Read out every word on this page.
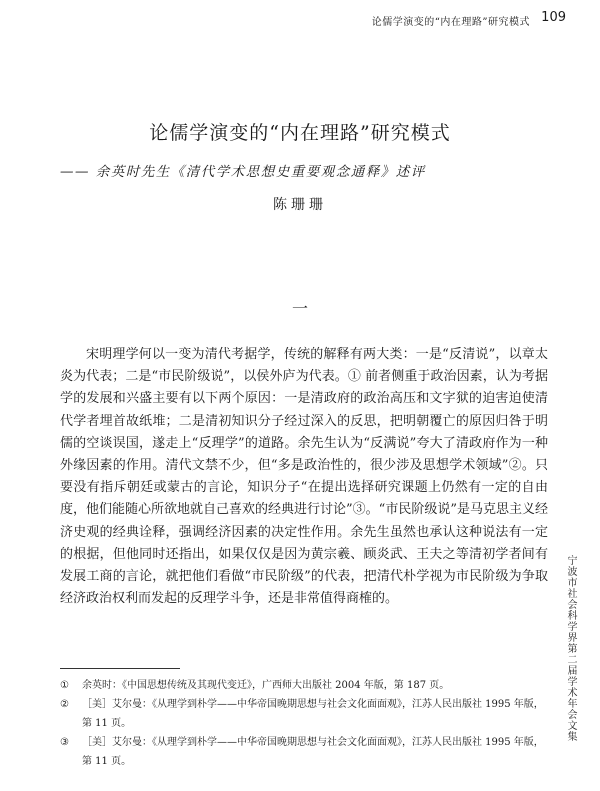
论儒学演变的“内在理路”研究模式 109
论儒学演变的“内在理路”研究模式
—— 余英时先生《清代学术思想史重要观念通释》述评
陈珊珊
一

宋明理学何以一变为清代考据学，传统的解释有两大类：一是“反清说”，以章太炎为代表；二是“市民阶级说”，以侯外庐为代表。① 前者侧重于政治因素，认为考据学的发展和兴盛主要有以下两个原因：一是清政府的政治高压和文字狱的迫害迫使清代学者埋首故纸堆；二是清初知识分子经过深入的反思，把明朝覆亡的原因归咎于明儒的空谈误国，遂走上“反理学”的道路。余先生认为“反满说”夸大了清政府作为一种外缘因素的作用。清代文禁不少，但“多是政治性的，很少涉及思想学术领域”②。只要没有指斥朝廷或蒙古的言论，知识分子“在提出选择研究课题上仍然有一定的自由度，他们能随心所欲地就自己喜欢的经典进行讨论”③。“市民阶级说”是马克思主义经济史观的经典诠释，强调经济因素的决定性作用。余先生虽然也承认这种说法有一定的根据，但他同时还指出，如果仅仅是因为黄宗羲、顾炎武、王夫之等清初学者间有发展工商的言论，就把他们看做“市民阶级”的代表，把清代朴学视为市民阶级为争取经济政治权利而发起的反理学斗争，还是非常值得商榷的。

① 余英时：《中国思想传统及其现代变迁》，广西师大出版社 2004 年版，第 187 页。

② ［美］艾尔曼：《从理学到朴学——中华帝国晚期思想与社会文化面面观》，江苏人民出版社 1995 年版，第 11 页。

③ ［美］艾尔曼：《从理学到朴学——中华帝国晚期思想与社会文化面面观》，江苏人民出版社 1995 年版，第 11 页。

宁波市社会科学界第二届学术年会文集
